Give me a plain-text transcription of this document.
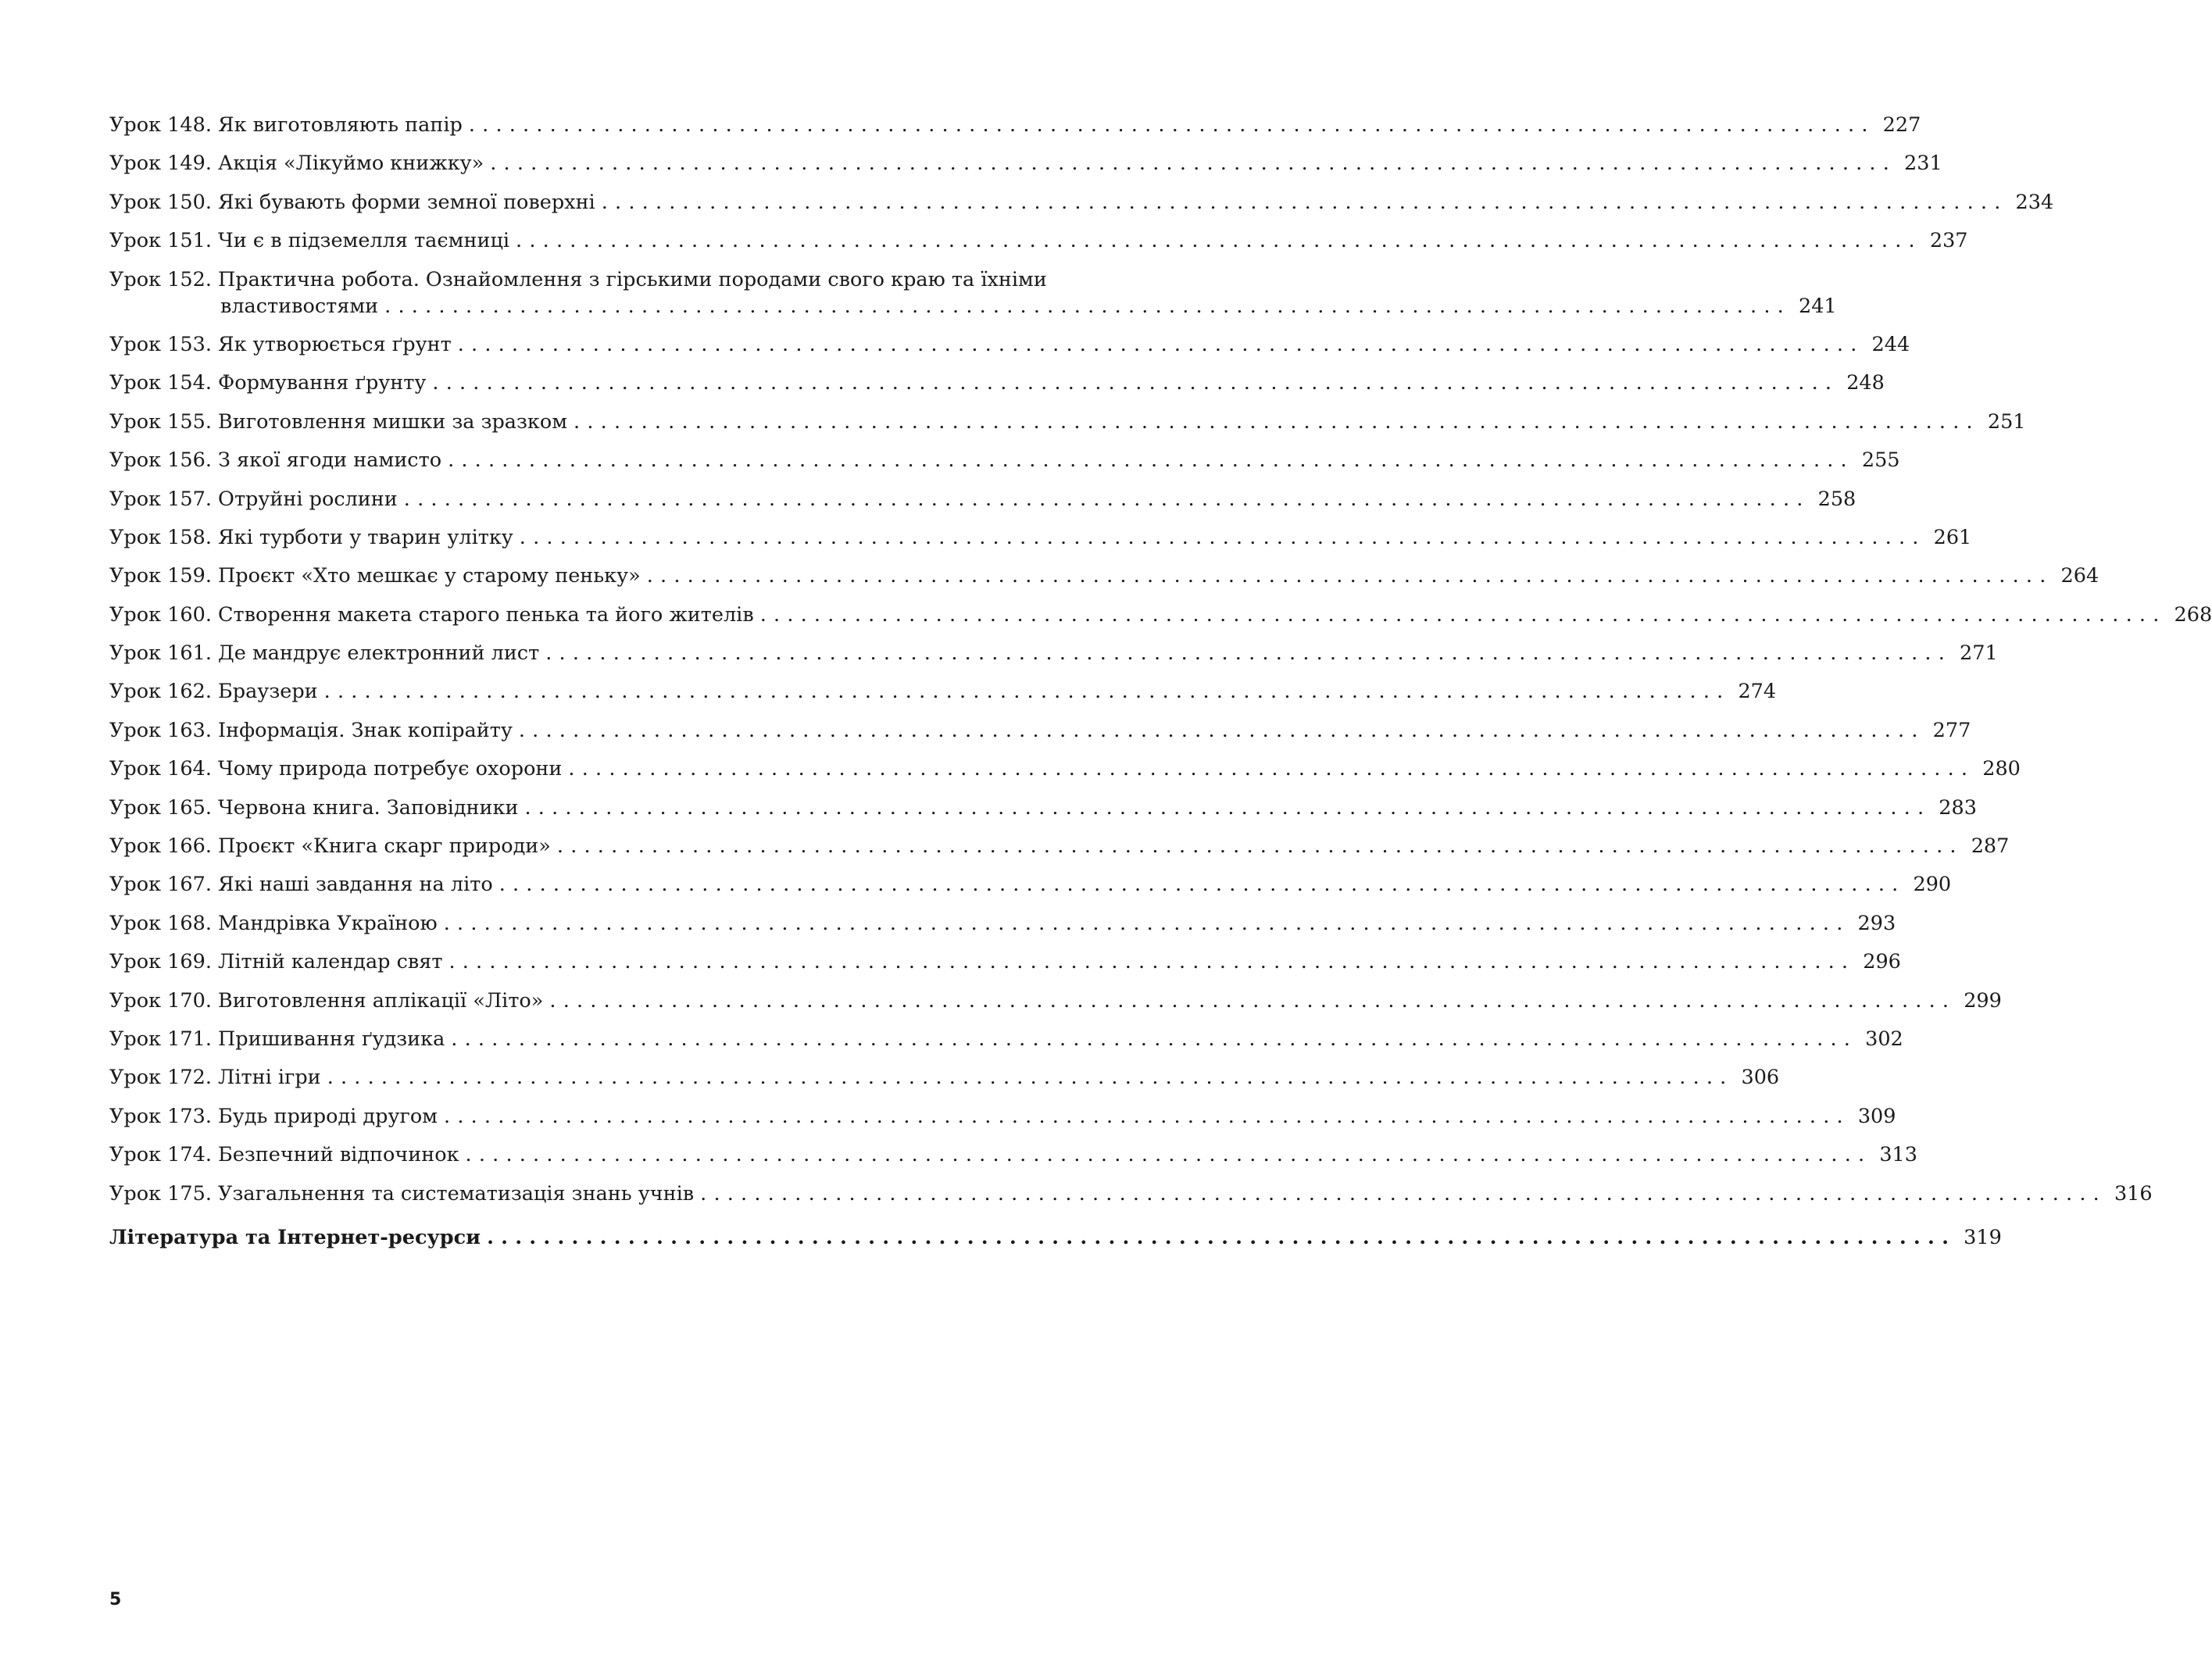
Урок 148.
Як виготовляють папір ........................................................................................................ 227
Урок 149.
Акція «Лікуймо книжку» ........................................................................................................ 231
Урок 150.
Які бувають форми земної поверхні ........................................................................................................ 234
Урок 151.
Чи є в підземелля таємниці ........................................................................................................ 237
Урок 152.
Практична робота. Ознайомлення з гірськими породами свого краю та їхніми
властивостями ........................................................................................................ 241
Урок 153.
Як утворюється ґрунт ........................................................................................................ 244
Урок 154.
Формування ґрунту ........................................................................................................ 248
Урок 155.
Виготовлення мишки за зразком ........................................................................................................ 251
Урок 156.
З якої ягоди намисто ........................................................................................................ 255
Урок 157.
Отруйні рослини ........................................................................................................ 258
Урок 158.
Які турботи у тварин улітку ........................................................................................................ 261
Урок 159.
Проєкт «Хто мешкає у старому пеньку» ........................................................................................................ 264
Урок 160.
Створення макета старого пенька та його жителів ........................................................................................................ 268
Урок 161.
Де мандрує електронний лист ........................................................................................................ 271
Урок 162.
Браузери ........................................................................................................ 274
Урок 163.
Інформація. Знак копірайту ........................................................................................................ 277
Урок 164.
Чому природа потребує охорони ........................................................................................................ 280
Урок 165.
Червона книга. Заповідники ........................................................................................................ 283
Урок 166.
Проєкт «Книга скарг природи» ........................................................................................................ 287
Урок 167.
Які наші завдання на літо ........................................................................................................ 290
Урок 168.
Мандрівка Україною ........................................................................................................ 293
Урок 169.
Літній календар свят ........................................................................................................ 296
Урок 170.
Виготовлення аплікації «Літо» ........................................................................................................ 299
Урок 171.
Пришивання ґудзика ........................................................................................................ 302
Урок 172.
Літні ігри ........................................................................................................ 306
Урок 173.
Будь природі другом ........................................................................................................ 309
Урок 174.
Безпечний відпочинок ........................................................................................................ 313
Урок 175.
Узагальнення та систематизація знань учнів ........................................................................................................ 316
Література та Інтернет-ресурси ........................................................................................................ 319
5
